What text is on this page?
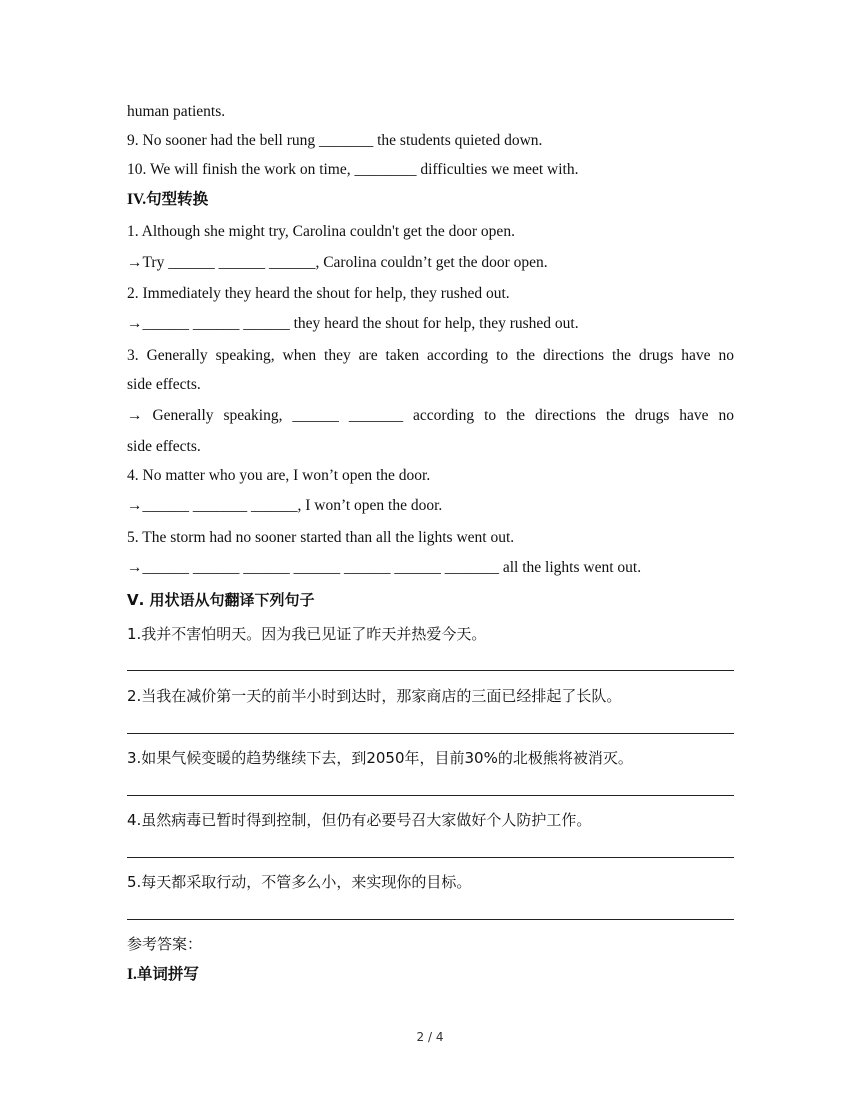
human patients.
9. No sooner had the bell rung _______ the students quieted down.
10. We will finish the work on time, ________ difficulties we meet with.
IV.句型转换
1. Although she might try, Carolina couldn't get the door open.
→Try ______ ______ ______, Carolina couldn’t get the door open.
2. Immediately they heard the shout for help, they rushed out.
→______ ______ ______ they heard the shout for help, they rushed out.
3. Generally speaking, when they are taken according to the directions the drugs have no
side effects.
→ Generally speaking, ______ _______ according to the directions the drugs have no
side effects.
4. No matter who you are, I won’t open the door.
→______ _______ ______, I won’t open the door.
5. The storm had no sooner started than all the lights went out.
→______ ______ ______ ______ ______ ______ _______ all the lights went out.
Ⅴ. 用状语从句翻译下列句子
1.我并不害怕明天。因为我已见证了昨天并热爱今天。
2.当我在减价第一天的前半小时到达时，那家商店的三面已经排起了长队。
3.如果气候变暖的趋势继续下去，到2050年，目前30%的北极熊将被消灭。
4.虽然病毒已暂时得到控制，但仍有必要号召大家做好个人防护工作。
5.每天都采取行动，不管多么小，来实现你的目标。
参考答案：
I.单词拼写
2 / 4
